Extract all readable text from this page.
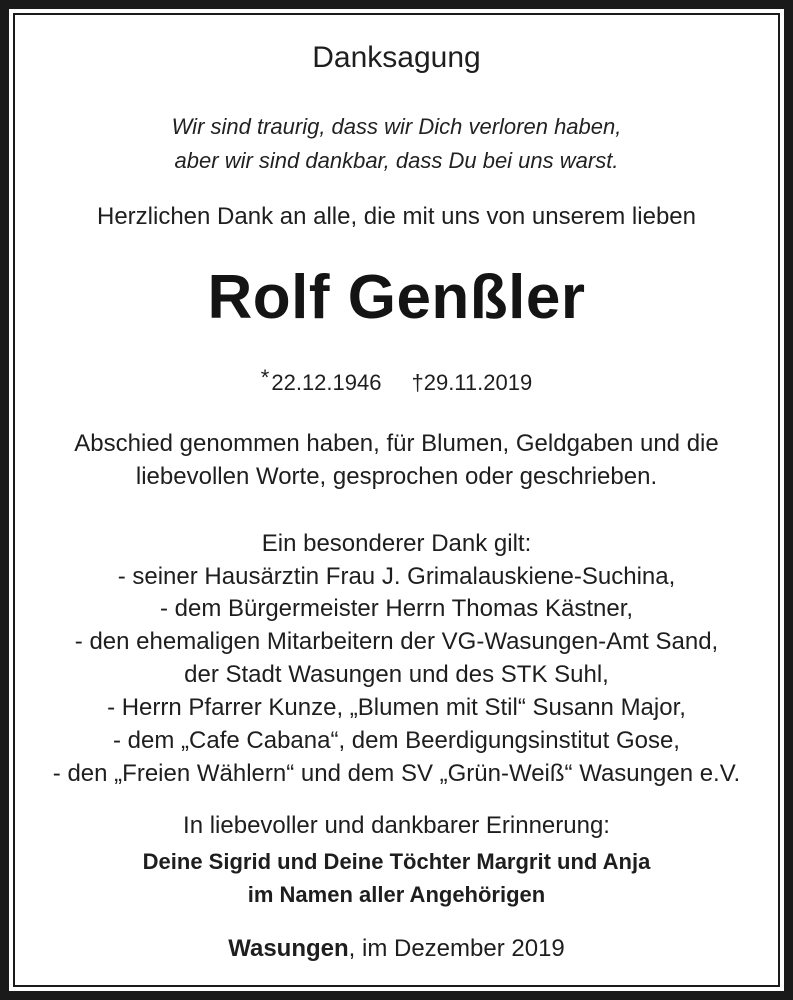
Danksagung
Wir sind traurig, dass wir Dich verloren haben,
aber wir sind dankbar, dass Du bei uns warst.
Herzlichen Dank an alle, die mit uns von unserem lieben
Rolf Genßler
*22.12.1946 †29.11.2019
Abschied genommen haben, für Blumen, Geldgaben und die
liebevollen Worte, gesprochen oder geschrieben.
Ein besonderer Dank gilt:
- seiner Hausärztin Frau J. Grimalauskiene-Suchina,
- dem Bürgermeister Herrn Thomas Kästner,
- den ehemaligen Mitarbeitern der VG-Wasungen-Amt Sand,
der Stadt Wasungen und des STK Suhl,
- Herrn Pfarrer Kunze, „Blumen mit Stil“ Susann Major,
- dem „Cafe Cabana“, dem Beerdigungsinstitut Gose,
- den „Freien Wählern“ und dem SV „Grün-Weiß“ Wasungen e.V.
In liebevoller und dankbarer Erinnerung:
Deine Sigrid und Deine Töchter Margrit und Anja
im Namen aller Angehörigen
Wasungen, im Dezember 2019
